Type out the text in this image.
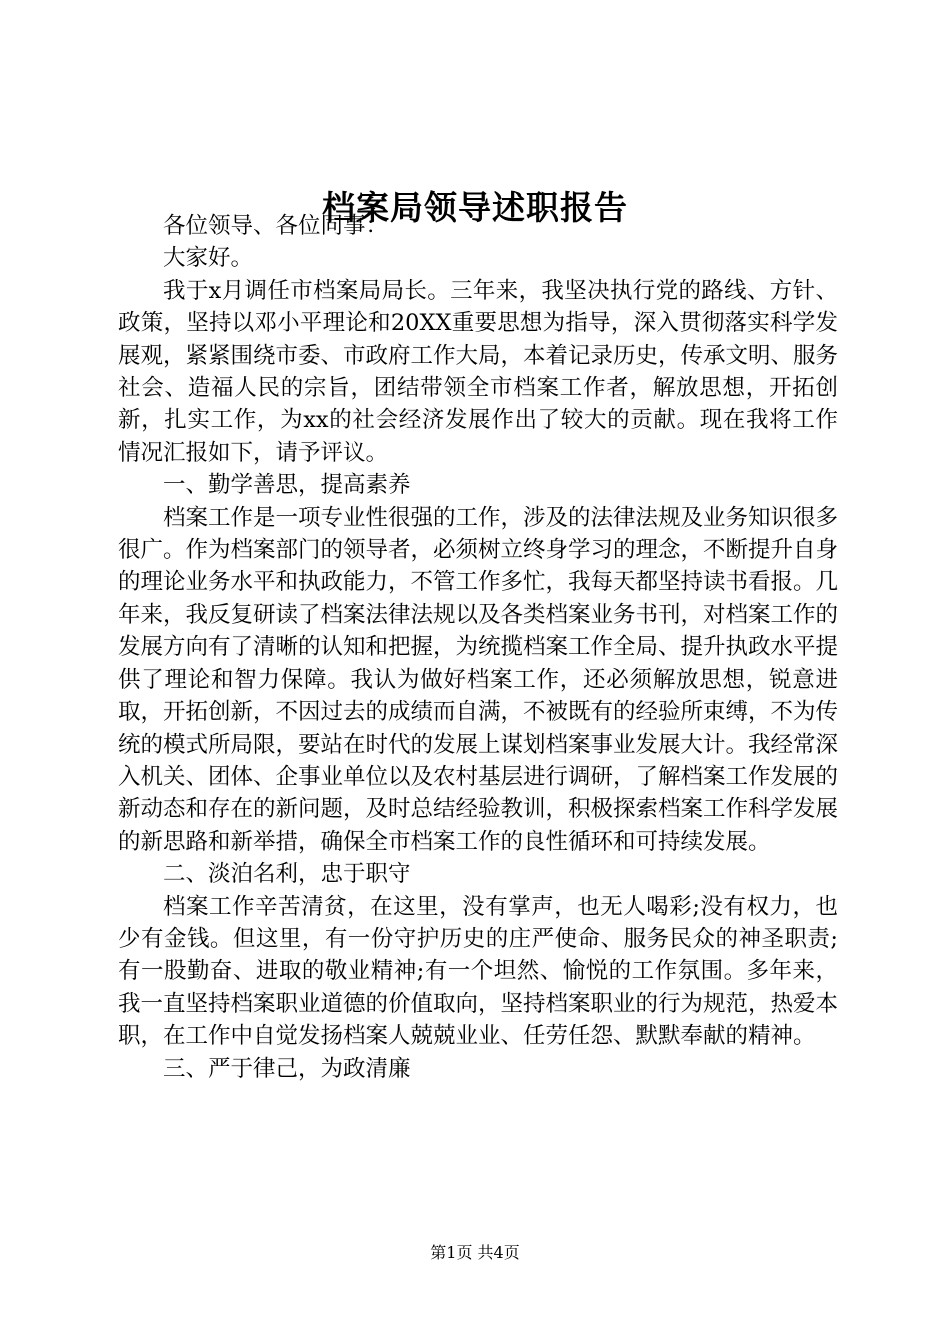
档案局领导述职报告

各位领导、各位同事：

大家好。

我于x月调任市档案局局长。三年来，我坚决执行党的路线、方针、政策，坚持以邓小平理论和20XX重要思想为指导，深入贯彻落实科学发展观，紧紧围绕市委、市政府工作大局，本着记录历史，传承文明、服务社会、造福人民的宗旨，团结带领全市档案工作者，解放思想，开拓创新，扎实工作，为xx的社会经济发展作出了较大的贡献。现在我将工作情况汇报如下，请予评议。

一、勤学善思，提高素养

档案工作是一项专业性很强的工作，涉及的法律法规及业务知识很多很广。作为档案部门的领导者，必须树立终身学习的理念，不断提升自身的理论业务水平和执政能力，不管工作多忙，我每天都坚持读书看报。几年来，我反复研读了档案法律法规以及各类档案业务书刊，对档案工作的发展方向有了清晰的认知和把握，为统揽档案工作全局、提升执政水平提供了理论和智力保障。我认为做好档案工作，还必须解放思想，锐意进取，开拓创新，不因过去的成绩而自满，不被既有的经验所束缚，不为传统的模式所局限，要站在时代的发展上谋划档案事业发展大计。我经常深入机关、团体、企事业单位以及农村基层进行调研，了解档案工作发展的新动态和存在的新问题，及时总结经验教训，积极探索档案工作科学发展的新思路和新举措，确保全市档案工作的良性循环和可持续发展。

二、淡泊名利，忠于职守

档案工作辛苦清贫，在这里，没有掌声，也无人喝彩;没有权力，也少有金钱。但这里，有一份守护历史的庄严使命、服务民众的神圣职责;有一股勤奋、进取的敬业精神;有一个坦然、愉悦的工作氛围。多年来，我一直坚持档案职业道德的价值取向，坚持档案职业的行为规范，热爱本职，在工作中自觉发扬档案人兢兢业业、任劳任怨、默默奉献的精神。

三、严于律己，为政清廉

第1页 共4页
